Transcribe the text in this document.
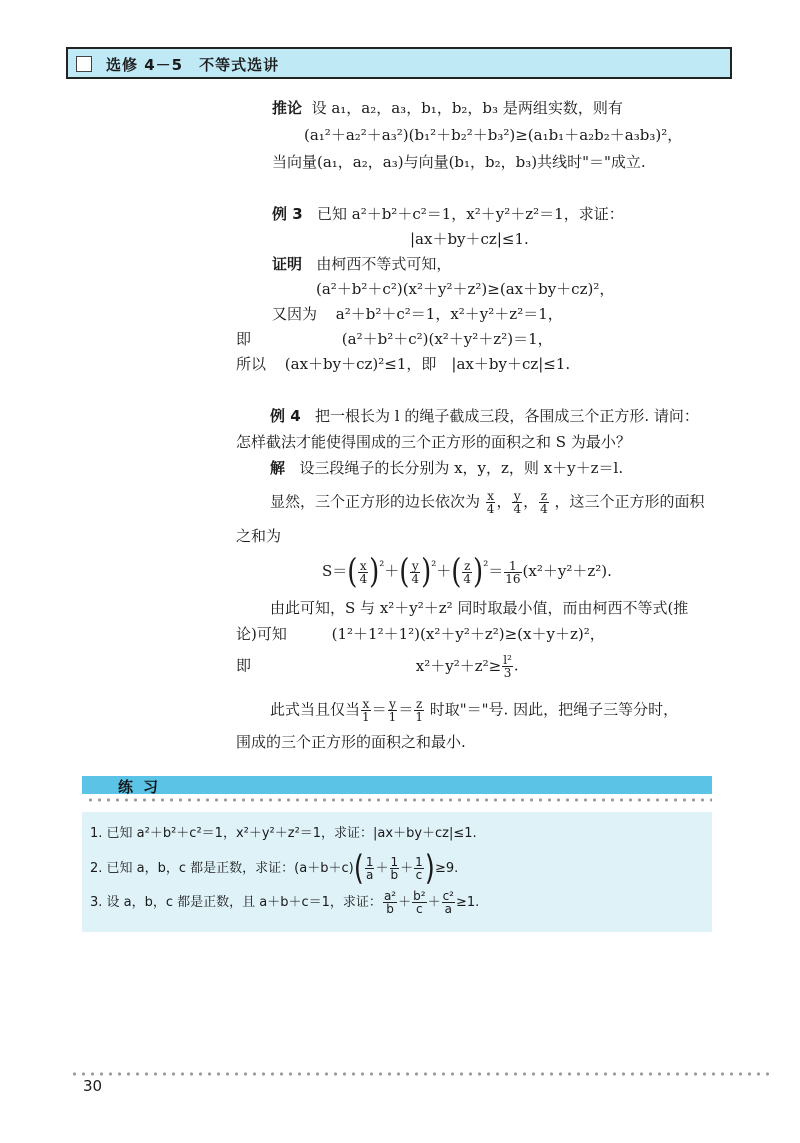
选修 4－5　不等式选讲
推论 设 a₁，a₂，a₃，b₁，b₂，b₃ 是两组实数，则有
(a₁²＋a₂²＋a₃²)(b₁²＋b₂²＋b₃²)≥(a₁b₁＋a₂b₂＋a₃b₃)²，
当向量(a₁，a₂，a₃)与向量(b₁，b₂，b₃)共线时"＝"成立.
例 3 已知 a²＋b²＋c²＝1，x²＋y²＋z²＝1，求证：
|ax＋by＋cz|≤1.
证明 由柯西不等式可知，
(a²＋b²＋c²)(x²＋y²＋z²)≥(ax＋by＋cz)²，
又因为 a²＋b²＋c²＝1，x²＋y²＋z²＝1，
即	(a²＋b²＋c²)(x²＋y²＋z²)＝1，
所以 (ax＋by＋cz)²≤1，即　|ax＋by＋cz|≤1.
例 4 把一根长为 l 的绳子截成三段，各围成三个正方形. 请问：
怎样截法才能使得围成的三个正方形的面积之和 S 为最小？
解 设三段绳子的长分别为 x，y，z，则 x＋y＋z＝l.
显然，三个正方形的边长依次为 $\frac{x}{4}$ ， $\frac{y}{4}$ ， $\frac{z}{4}$ ，这三个正方形的面积
之和为
$S=( \frac{x}{4} )^{^2}+( \frac{y}{4} )^{^2}+( \frac{z}{4} )^{^2}= \frac{1}{16} (x^2+y^2+z^2)$.
由此可知，S 与 x²＋y²＋z² 同时取最小值，而由柯西不等式(推
论)可知	(1²＋1²＋1²)(x²＋y²＋z²)≥(x＋y＋z)²，
即	$x^2+y^2+z^2\ge \frac{\text{l²}}{3}$ .
此式当且仅当 $\frac{x}{1} = \frac{y}{1} = \frac{z}{1}$ 时取"＝"号. 因此，把绳子三等分时，
围成的三个正方形的面积之和最小.
练习
1. 已知 a²＋b²＋c²＝1，x²＋y²＋z²＝1，求证：|ax＋by＋cz|≤1.
2. 已知 a，b，c 都是正数，求证：$(a+b+c)( \frac{1}{a} + \frac{1}{b} + \frac{1}{c} )\ge 9$.
3. 设 a，b，c 都是正数，且 a＋b＋c＝1，求证： $\frac{\text{a²}}{b} + \frac{\text{b²}}{c} + \frac{\text{c²}}{a} \ge 1$.
30
